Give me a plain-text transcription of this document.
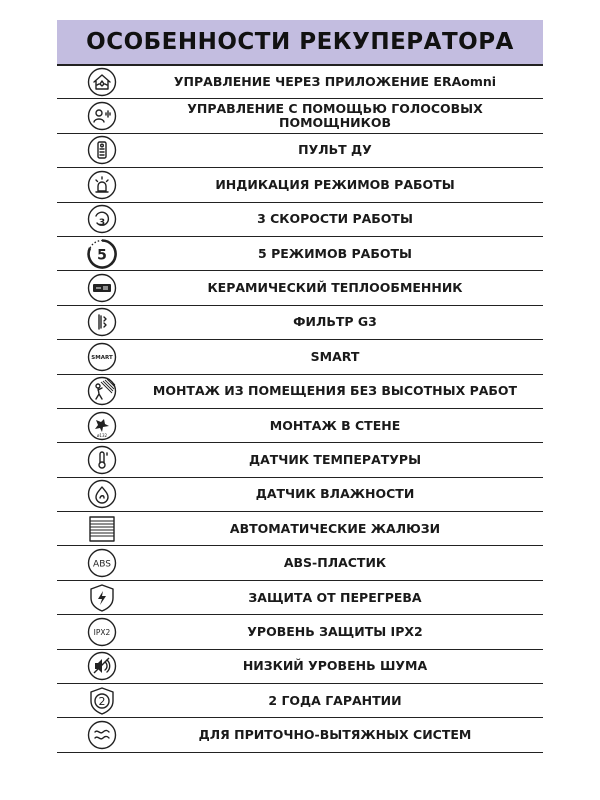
ОСОБЕННОСТИ РЕКУПЕРАТОРА
УПРАВЛЕНИЕ ЧЕРЕЗ ПРИЛОЖЕНИЕ ERAomni
УПРАВЛЕНИЕ С ПОМОЩЬЮ ГОЛОСОВЫХ ПОМОЩНИКОВ
ПУЛЬТ ДУ
ИНДИКАЦИЯ РЕЖИМОВ РАБОТЫ
3	3 СКОРОСТИ РАБОТЫ
5	5 РЕЖИМОВ РАБОТЫ
КЕРАМИЧЕСКИЙ ТЕПЛООБМЕННИК
ФИЛЬТР G3
SMART	SMART
МОНТАЖ ИЗ ПОМЕЩЕНИЯ БЕЗ ВЫСОТНЫХ РАБОТ
ø132
МОНТАЖ В СТЕНЕ
ДАТЧИК ТЕМПЕРАТУРЫ
ДАТЧИК ВЛАЖНОСТИ
АВТОМАТИЧЕСКИЕ ЖАЛЮЗИ
ABS	ABS-ПЛАСТИК
ЗАЩИТА ОТ ПЕРЕГРЕВА
IPX2	УРОВЕНЬ ЗАЩИТЫ IPX2
НИЗКИЙ УРОВЕНЬ ШУМА
2	2 ГОДА ГАРАНТИИ
ДЛЯ ПРИТОЧНО-ВЫТЯЖНЫХ СИСТЕМ
